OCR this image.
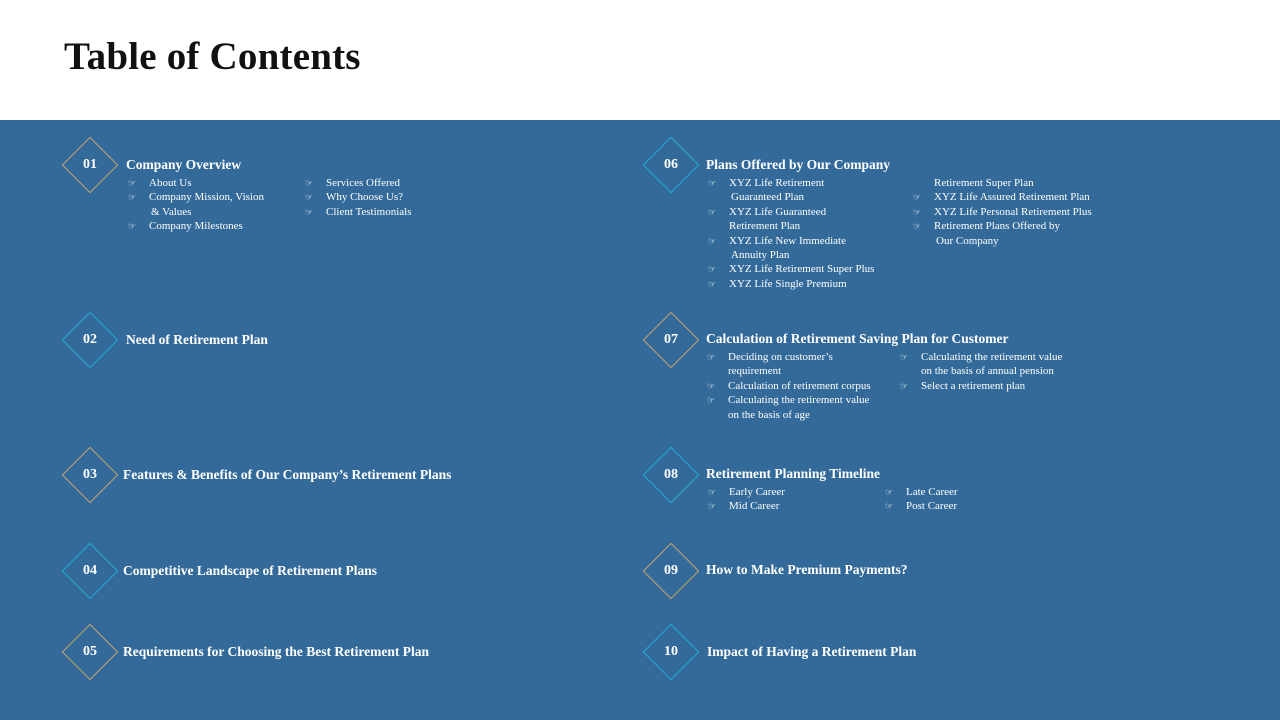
Table of Contents
01	Company Overview
☞ About Us
☞ Company Mission, Vision
& Values
☞ Company Milestones
☞ Services Offered
☞ Why Choose Us?
☞ Client Testimonials
02	Need of Retirement Plan
03	Features & Benefits of Our Company’s Retirement Plans
04	Competitive Landscape of Retirement Plans
05	Requirements for Choosing the Best Retirement Plan
06	Plans Offered by Our Company
☞ XYZ Life Retirement
Guaranteed Plan
☞ XYZ Life Guaranteed
Retirement Plan
☞ XYZ Life New Immediate
Annuity Plan
☞ XYZ Life Retirement Super Plus
☞ XYZ Life Single Premium
Retirement Super Plan
☞ XYZ Life Assured Retirement Plan
☞ XYZ Life Personal Retirement Plus
☞ Retirement Plans Offered by
Our Company
07	Calculation of Retirement Saving Plan for Customer
☞ Deciding on customer’s
requirement
☞ Calculation of retirement corpus
☞ Calculating the retirement value
on the basis of age
☞ Calculating the retirement value
on the basis of annual pension
☞ Select a retirement plan
08	Retirement Planning Timeline
☞ Early Career
☞ Mid Career
☞ Late Career
☞ Post Career
09	How to Make Premium Payments?
10	Impact of Having a Retirement Plan
